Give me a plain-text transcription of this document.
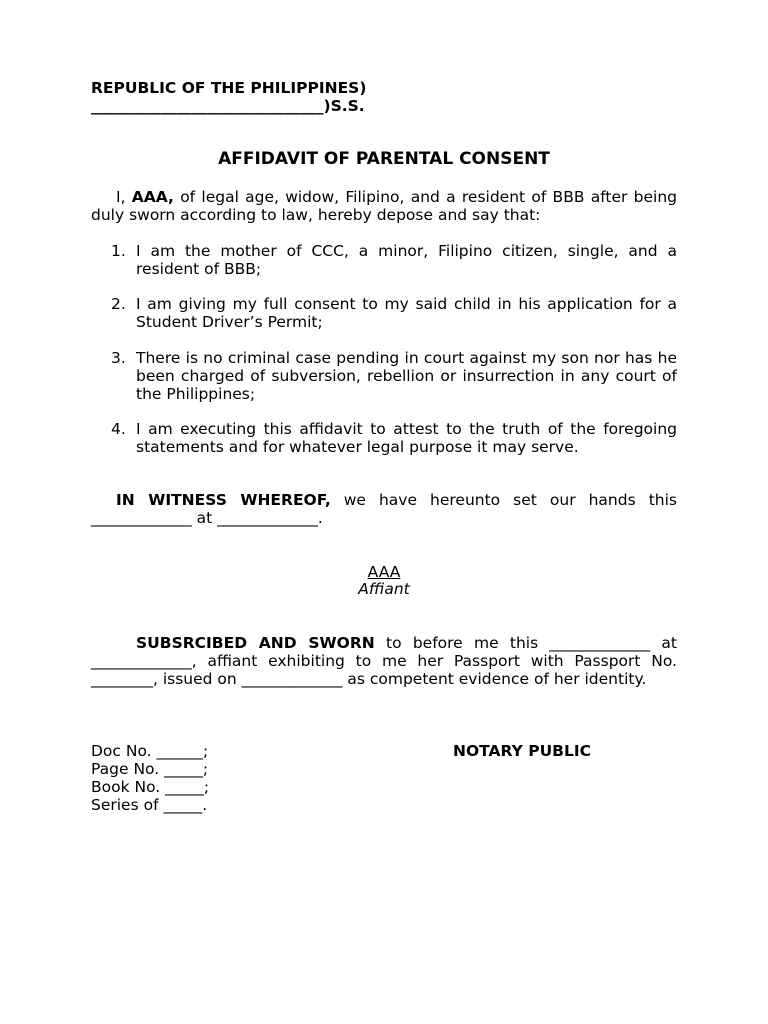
REPUBLIC OF THE PHILIPPINES)
______________________________)S.S.
AFFIDAVIT OF PARENTAL CONSENT
I, AAA, of legal age, widow, Filipino, and a resident of BBB after being duly sworn according to law, hereby depose and say that:
1. I am the mother of CCC, a minor, Filipino citizen, single, and a resident of BBB;
2. I am giving my full consent to my said child in his application for a Student Driver’s Permit;
3. There is no criminal case pending in court against my son nor has he been charged of subversion, rebellion or insurrection in any court of the Philippines;
4. I am executing this affidavit to attest to the truth of the foregoing statements and for whatever legal purpose it may serve.
IN WITNESS WHEREOF, we have hereunto set our hands this _____________ at _____________.
AAA
Affiant
SUBSRCIBED AND SWORN to before me this _____________ at _____________, affiant exhibiting to me her Passport with Passport No. ________, issued on _____________ as competent evidence of her identity.
Doc No. ______;
Page No. _____;
Book No. _____;
Series of _____.
NOTARY PUBLIC
